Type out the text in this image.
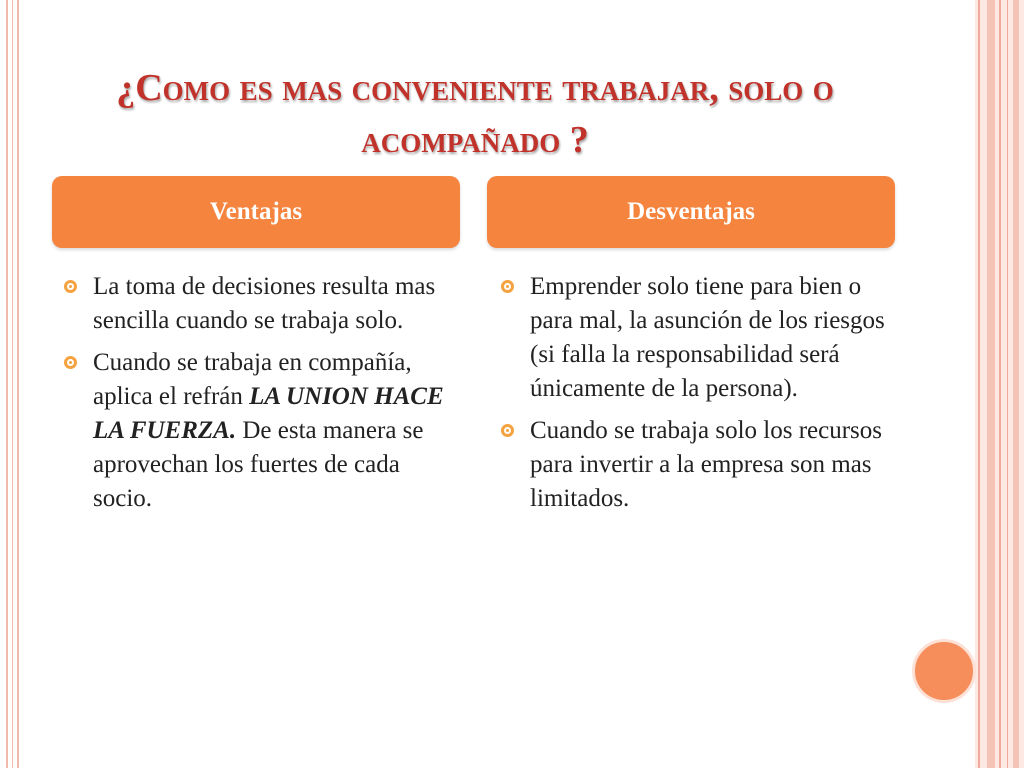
¿Como es mas conveniente trabajar, solo o acompañado ?
Ventajas	Desventajas
La toma de decisiones resulta mas sencilla cuando se trabaja solo.
Cuando se trabaja en compañía, aplica el refrán LA UNION HACE LA FUERZA. De esta manera se aprovechan los fuertes de cada socio.
Emprender solo tiene para bien o para mal, la asunción de los riesgos (si falla la responsabilidad será únicamente de la persona).
Cuando se trabaja solo los recursos para invertir a la empresa son mas limitados.
